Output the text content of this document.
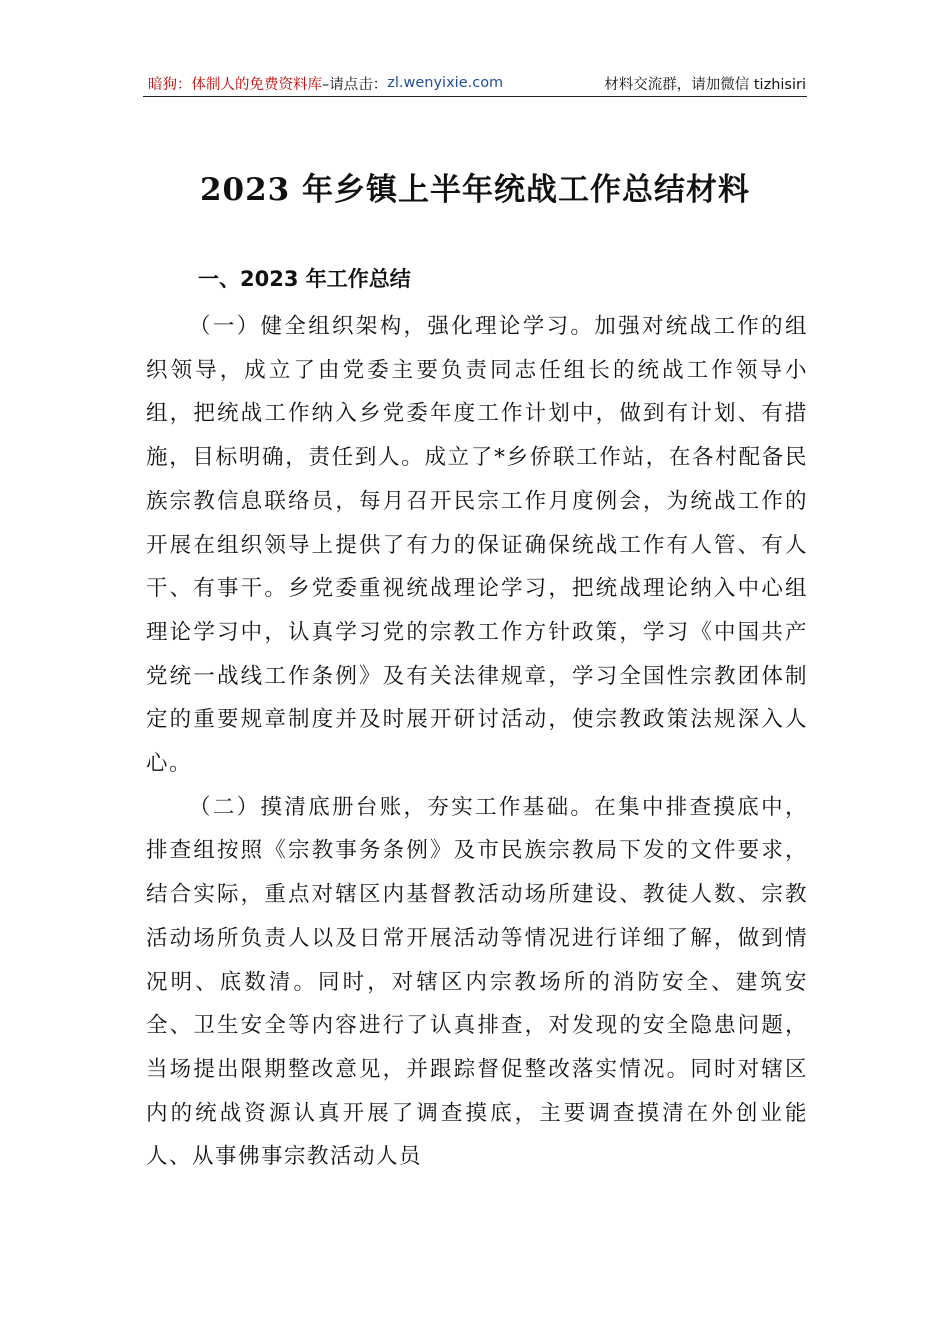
暗狗：体制人的免费资料库 –请点击： zl.wenyixie.com	材料交流群，请加微信 tizhisiri
2023 年乡镇上半年统战工作总结材料
一、2023 年工作总结

（一）健全组织架构，强化理论学习。加强对统战工作的组织领导，成立了由党委主要负责同志任组长的统战工作领导小组，把统战工作纳入乡党委年度工作计划中，做到有计划、有措施，目标明确，责任到人。成立了*乡侨联工作站，在各村配备民族宗教信息联络员，每月召开民宗工作月度例会，为统战工作的开展在组织领导上提供了有力的保证确保统战工作有人管、有人干、有事干。乡党委重视统战理论学习，把统战理论纳入中心组理论学习中，认真学习党的宗教工作方针政策，学习《中国共产党统一战线工作条例》及有关法律规章，学习全国性宗教团体制定的重要规章制度并及时展开研讨活动，使宗教政策法规深入人心。

（二）摸清底册台账，夯实工作基础。在集中排查摸底中，排查组按照《宗教事务条例》及市民族宗教局下发的文件要求，结合实际，重点对辖区内基督教活动场所建设、教徒人数、宗教活动场所负责人以及日常开展活动等情况进行详细了解，做到情况明、底数清。同时，对辖区内宗教场所的消防安全、建筑安全、卫生安全等内容进行了认真排查，对发现的安全隐患问题，当场提出限期整改意见，并跟踪督促整改落实情况。同时对辖区内的统战资源认真开展了调查摸底，主要调查摸清在外创业能人、从事佛事宗教活动人员
